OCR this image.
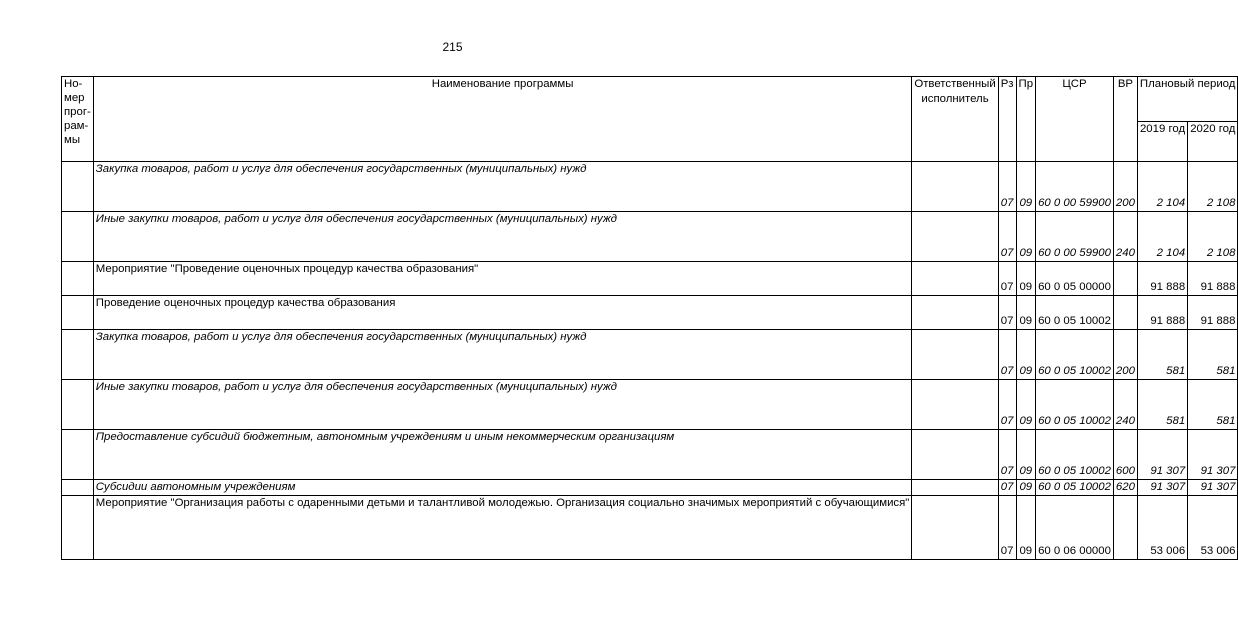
215
Но-
мер
прог-
рам-
мы	Наименование программы	Ответственный исполнитель	Рз	Пр	ЦСР	ВР	Плановый период	
							2019 год	2020 год
	Закупка товаров, работ и услуг для обеспечения государственных (муниципальных) нужд		07	09	60 0 00 59900	200	2 104	2 108
	Иные закупки товаров, работ и услуг для обеспечения государственных (муниципальных) нужд		07	09	60 0 00 59900	240	2 104	2 108
	Мероприятие "Проведение оценочных процедур качества образования"		07	09	60 0 05 00000		91 888	91 888
	Проведение оценочных процедур качества образования		07	09	60 0 05 10002		91 888	91 888
	Закупка товаров, работ и услуг для обеспечения государственных (муниципальных) нужд		07	09	60 0 05 10002	200	581	581
	Иные закупки товаров, работ и услуг для обеспечения государственных (муниципальных) нужд		07	09	60 0 05 10002	240	581	581
	Предоставление субсидий бюджетным, автономным учреждениям и иным некоммерческим организациям		07	09	60 0 05 10002	600	91 307	91 307
	Субсидии автономным учреждениям		07	09	60 0 05 10002	620	91 307	91 307
	Мероприятие "Организация работы с одаренными детьми и талантливой молодежью. Организация социально значимых мероприятий с обучающимися"		07	09	60 0 06 00000		53 006	53 006
